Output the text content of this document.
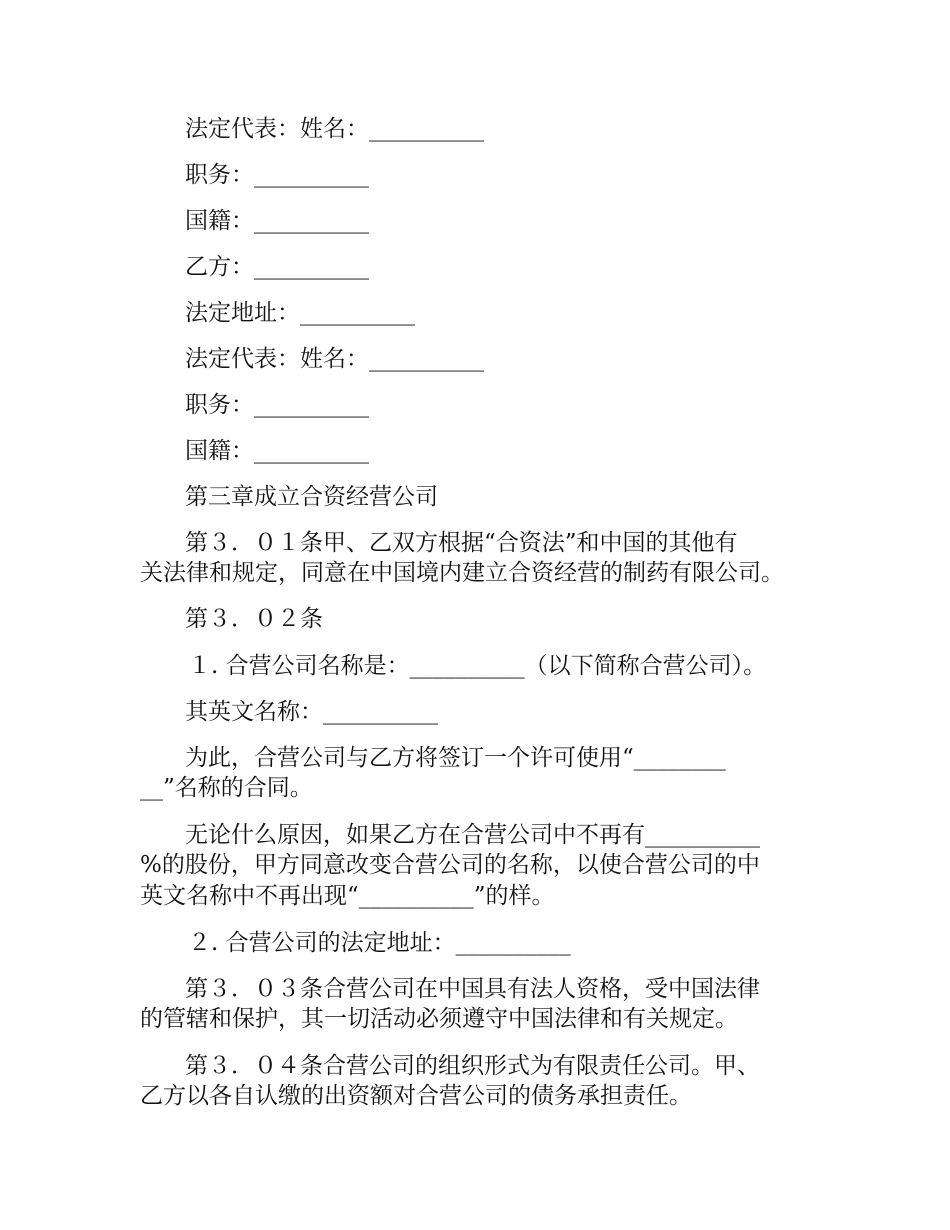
法定代表：姓名：__________
职务：__________
国籍：__________
乙方：__________
法定地址：__________
法定代表：姓名：__________
职务：__________
国籍：__________
第三章成立合资经营公司
第３．０１条甲、乙双方根据“合资法”和中国的其他有
关法律和规定，同意在中国境内建立合资经营的制药有限公司。
第３．０２条
１. 合营公司名称是：__________（以下简称合营公司）。
其英文名称：__________
为此，合营公司与乙方将签订一个许可使用“________
__”名称的合同。
无论什么原因，如果乙方在合营公司中不再有__________
%的股份，甲方同意改变合营公司的名称，以使合营公司的中
英文名称中不再出现“__________”的样。
２. 合营公司的法定地址：__________
第３．０３条合营公司在中国具有法人资格，受中国法律
的管辖和保护，其一切活动必须遵守中国法律和有关规定。
第３．０４条合营公司的组织形式为有限责任公司。甲、
乙方以各自认缴的出资额对合营公司的债务承担责任。
